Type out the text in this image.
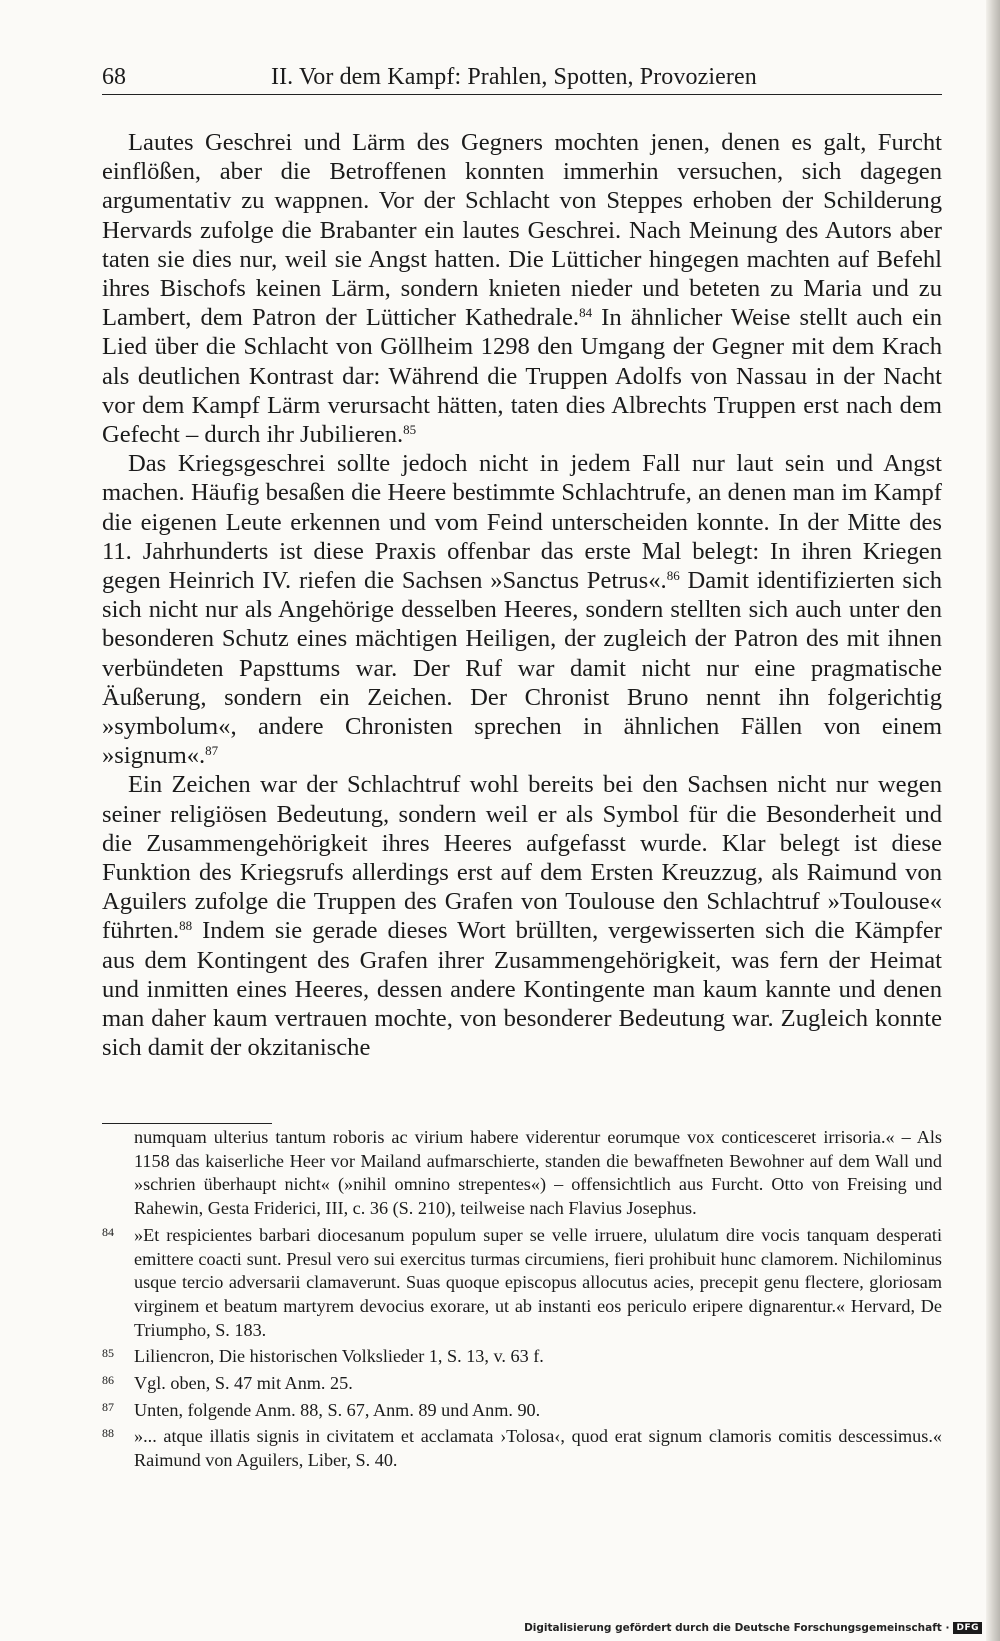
68	II. Vor dem Kampf: Prahlen, Spotten, Provozieren

Lautes Geschrei und Lärm des Gegners mochten jenen, denen es galt, Furcht einflößen, aber die Betroffenen konnten immerhin versuchen, sich dagegen argumentativ zu wappnen. Vor der Schlacht von Steppes erhoben der Schilderung Hervards zufolge die Brabanter ein lautes Geschrei. Nach Meinung des Autors aber taten sie dies nur, weil sie Angst hatten. Die Lütticher hingegen machten auf Befehl ihres Bischofs keinen Lärm, sondern knieten nieder und beteten zu Maria und zu Lambert, dem Patron der Lütticher Kathedrale.$^{84}$ In ähnlicher Weise stellt auch ein Lied über die Schlacht von Göllheim 1298 den Umgang der Gegner mit dem Krach als deutlichen Kontrast dar: Während die Truppen Adolfs von Nassau in der Nacht vor dem Kampf Lärm verursacht hätten, taten dies Albrechts Truppen erst nach dem Gefecht – durch ihr Jubilieren.$^{85}$

Das Kriegsgeschrei sollte jedoch nicht in jedem Fall nur laut sein und Angst machen. Häufig besaßen die Heere bestimmte Schlachtrufe, an denen man im Kampf die eigenen Leute erkennen und vom Feind unterscheiden konnte. In der Mitte des 11. Jahrhunderts ist diese Praxis offenbar das erste Mal belegt: In ihren Kriegen gegen Heinrich IV. riefen die Sachsen »Sanctus Petrus«.$^{86}$ Damit identifizierten sich sich nicht nur als Angehörige desselben Heeres, sondern stellten sich auch unter den besonderen Schutz eines mächtigen Heiligen, der zugleich der Patron des mit ihnen verbündeten Papsttums war. Der Ruf war damit nicht nur eine pragmatische Äußerung, sondern ein Zeichen. Der Chronist Bruno nennt ihn folgerichtig »symbolum«, andere Chronisten sprechen in ähnlichen Fällen von einem »signum«.$^{87}$

Ein Zeichen war der Schlachtruf wohl bereits bei den Sachsen nicht nur wegen seiner religiösen Bedeutung, sondern weil er als Symbol für die Besonderheit und die Zusammengehörigkeit ihres Heeres aufgefasst wurde. Klar belegt ist diese Funktion des Kriegsrufs allerdings erst auf dem Ersten Kreuzzug, als Raimund von Aguilers zufolge die Truppen des Grafen von Toulouse den Schlachtruf »Toulouse« führten.$^{88}$ Indem sie gerade dieses Wort brüllten, vergewisserten sich die Kämpfer aus dem Kontingent des Grafen ihrer Zusammengehörigkeit, was fern der Heimat und inmitten eines Heeres, dessen andere Kontingente man kaum kannte und denen man daher kaum vertrauen mochte, von besonderer Bedeutung war. Zugleich konnte sich damit der okzitanische

numquam ulterius tantum roboris ac virium habere viderentur eorumque vox conticesceret irrisoria.« – Als 1158 das kaiserliche Heer vor Mailand aufmarschierte, standen die bewaffneten Bewohner auf dem Wall und »schrien überhaupt nicht« (»nihil omnino strepentes«) – offensichtlich aus Furcht. Otto von Freising und Rahewin, Gesta Friderici, III, c. 36 (S. 210), teilweise nach Flavius Josephus.

84 »Et respicientes barbari diocesanum populum super se velle irruere, ululatum dire vocis tanquam desperati emittere coacti sunt. Presul vero sui exercitus turmas circumiens, fieri prohibuit hunc clamorem. Nichilominus usque tercio adversarii clamaverunt. Suas quoque episcopus allocutus acies, precepit genu flectere, gloriosam virginem et beatum martyrem devocius exorare, ut ab instanti eos periculo eripere dignarentur.« Hervard, De Triumpho, S. 183.

85 Liliencron, Die historischen Volkslieder 1, S. 13, v. 63 f.

86 Vgl. oben, S. 47 mit Anm. 25.

87 Unten, folgende Anm. 88, S. 67, Anm. 89 und Anm. 90.

88 »... atque illatis signis in civitatem et acclamata ›Tolosa‹, quod erat signum clamoris comitis descessimus.« Raimund von Aguilers, Liber, S. 40.

Digitalisierung gefördert durch die Deutsche Forschungsgemeinschaft · DFG
